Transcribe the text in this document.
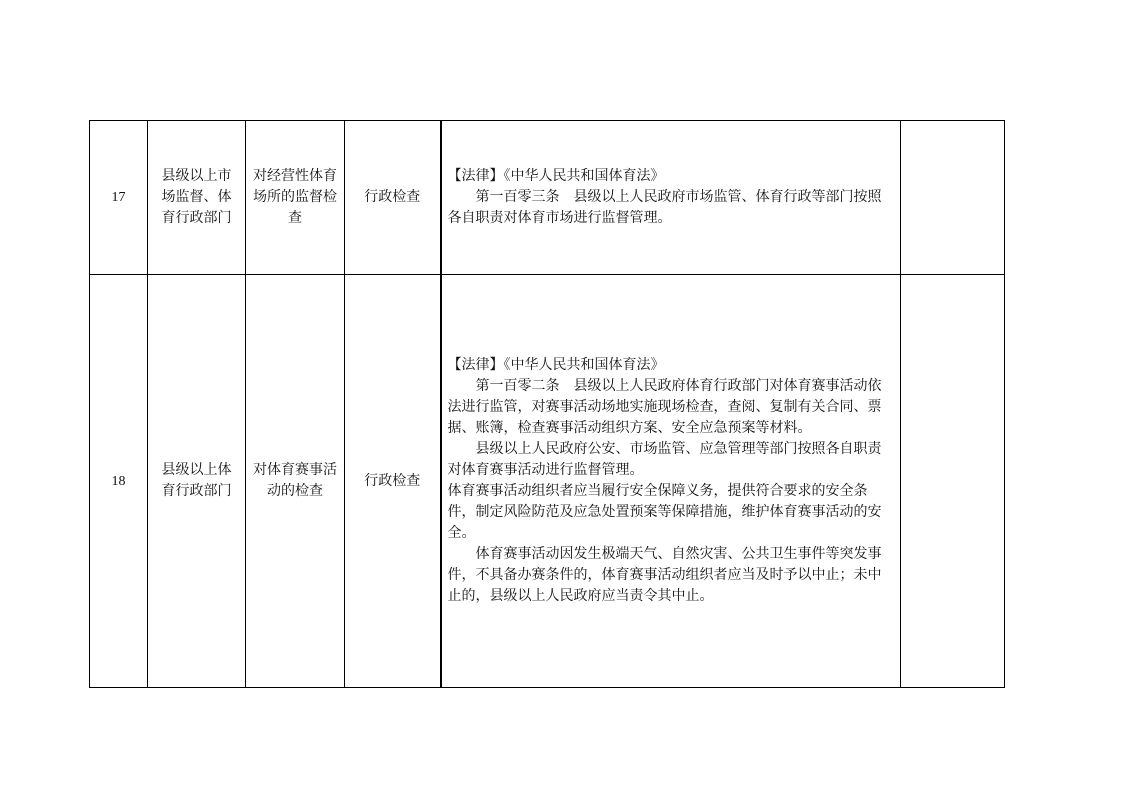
17	县级以上市场监督、体育行政部门	对经营性体育场所的监督检查	行政检查	【法律】《中华人民共和国体育法》
第一百零三条　县级以上人民政府市场监管、体育行政等部门按照各自职责对体育市场进行监督管理。	

18	县级以上体育行政部门	对体育赛事活动的检查	行政检查	【法律】《中华人民共和国体育法》
第一百零二条　县级以上人民政府体育行政部门对体育赛事活动依法进行监管，对赛事活动场地实施现场检查，查阅、复制有关合同、票据、账簿，检查赛事活动组织方案、安全应急预案等材料。
县级以上人民政府公安、市场监管、应急管理等部门按照各自职责对体育赛事活动进行监督管理。
体育赛事活动组织者应当履行安全保障义务，提供符合要求的安全条件，制定风险防范及应急处置预案等保障措施，维护体育赛事活动的安全。
体育赛事活动因发生极端天气、自然灾害、公共卫生事件等突发事件，不具备办赛条件的，体育赛事活动组织者应当及时予以中止；未中止的，县级以上人民政府应当责令其中止。	
